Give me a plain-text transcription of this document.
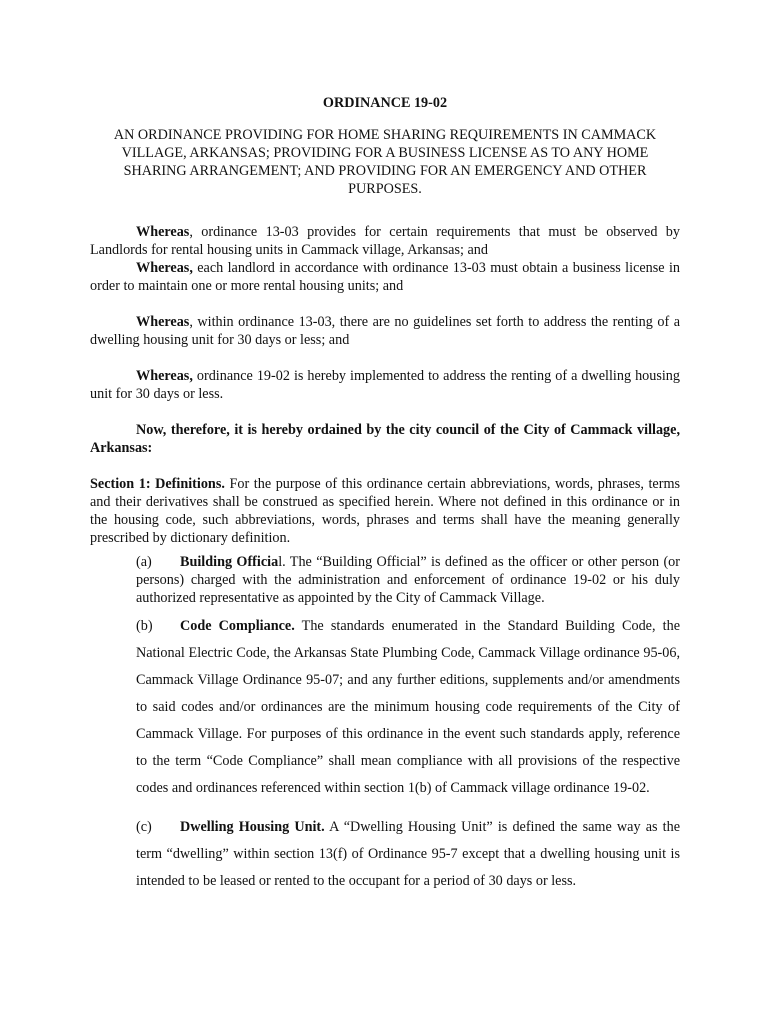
ORDINANCE 19-02
AN ORDINANCE PROVIDING FOR HOME SHARING REQUIREMENTS IN CAMMACK VILLAGE, ARKANSAS; PROVIDING FOR A BUSINESS LICENSE AS TO ANY HOME SHARING ARRANGEMENT; AND PROVIDING FOR AN EMERGENCY AND OTHER PURPOSES.

Whereas, ordinance 13-03 provides for certain requirements that must be observed by Landlords for rental housing units in Cammack village, Arkansas; and

Whereas, each landlord in accordance with ordinance 13-03 must obtain a business license in order to maintain one or more rental housing units; and

Whereas, within ordinance 13-03, there are no guidelines set forth to address the renting of a dwelling housing unit for 30 days or less; and

Whereas, ordinance 19-02 is hereby implemented to address the renting of a dwelling housing unit for 30 days or less.

Now, therefore, it is hereby ordained by the city council of the City of Cammack village, Arkansas:

Section 1: Definitions. For the purpose of this ordinance certain abbreviations, words, phrases, terms and their derivatives shall be construed as specified herein. Where not defined in this ordinance or in the housing code, such abbreviations, words, phrases and terms shall have the meaning generally prescribed by dictionary definition.

(a) Building Official. The “Building Official” is defined as the officer or other person (or persons) charged with the administration and enforcement of ordinance 19-02 or his duly authorized representative as appointed by the City of Cammack Village.

(b) Code Compliance. The standards enumerated in the Standard Building Code, the National Electric Code, the Arkansas State Plumbing Code, Cammack Village ordinance 95-06, Cammack Village Ordinance 95-07; and any further editions, supplements and/or amendments to said codes and/or ordinances are the minimum housing code requirements of the City of Cammack Village. For purposes of this ordinance in the event such standards apply, reference to the term “Code Compliance” shall mean compliance with all provisions of the respective codes and ordinances referenced within section 1(b) of Cammack village ordinance 19-02.

(c) Dwelling Housing Unit. A “Dwelling Housing Unit” is defined the same way as the term “dwelling” within section 13(f) of Ordinance 95-7 except that a dwelling housing unit is intended to be leased or rented to the occupant for a period of 30 days or less.
